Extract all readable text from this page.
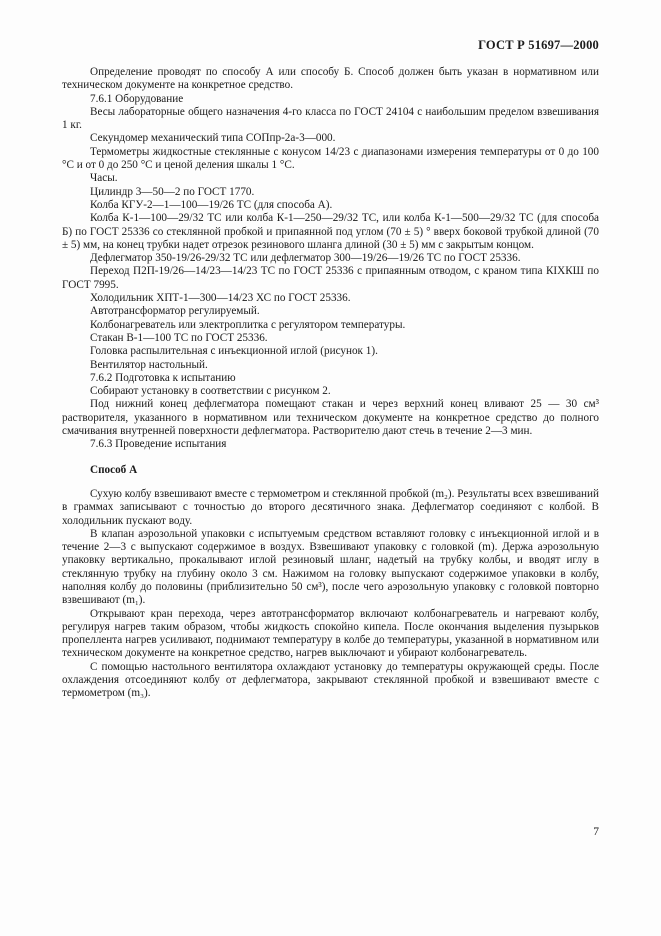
ГОСТ Р 51697—2000

Определение проводят по способу А или способу Б. Способ должен быть указан в нормативном или техническом документе на конкретное средство.

7.6.1 Оборудование

Весы лабораторные общего назначения 4-го класса по ГОСТ 24104 с наибольшим пределом взвешивания 1 кг.

Секундомер механический типа СОПпр-2а-3—000.

Термометры жидкостные стеклянные с конусом 14/23 с диапазонами измерения температуры от 0 до 100 °С и от 0 до 250 °С и ценой деления шкалы 1 °С.

Часы.

Цилиндр 3—50—2 по ГОСТ 1770.

Колба КГУ-2—1—100—19/26 ТС (для способа А).

Колба К-1—100—29/32 ТС или колба К-1—250—29/32 ТС, или колба К-1—500—29/32 ТС (для способа Б) по ГОСТ 25336 со стеклянной пробкой и припаянной под углом (70 ± 5) ° вверх боковой трубкой длиной (70 ± 5) мм, на конец трубки надет отрезок резинового шланга длиной (30 ± 5) мм с закрытым концом.

Дефлегматор 350-19/26-29/32 ТС или дефлегматор 300—19/26—19/26 ТС по ГОСТ 25336.

Переход П2П-19/26—14/23—14/23 ТС по ГОСТ 25336 с припаянным отводом, с краном типа КIХКШ по ГОСТ 7995.

Холодильник ХПТ-1—300—14/23 ХС по ГОСТ 25336.

Автотрансформатор регулируемый.

Колбонагреватель или электроплитка с регулятором температуры.

Стакан В-1—100 ТС по ГОСТ 25336.

Головка распылительная с инъекционной иглой (рисунок 1).

Вентилятор настольный.

7.6.2 Подготовка к испытанию

Собирают установку в соответствии с рисунком 2.

Под нижний конец дефлегматора помещают стакан и через верхний конец вливают 25 — 30 см³ растворителя, указанного в нормативном или техническом документе на конкретное средство до полного смачивания внутренней поверхности дефлегматора. Растворителю дают стечь в течение 2—3 мин.

7.6.3 Проведение испытания

Способ А

Сухую колбу взвешивают вместе с термометром и стеклянной пробкой (m₂). Результаты всех взвешиваний в граммах записывают с точностью до второго десятичного знака. Дефлегматор соединяют с колбой. В холодильник пускают воду.

В клапан аэрозольной упаковки с испытуемым средством вставляют головку с инъекционной иглой и в течение 2—3 с выпускают содержимое в воздух. Взвешивают упаковку с головкой (m). Держа аэрозольную упаковку вертикально, прокалывают иглой резиновый шланг, надетый на трубку колбы, и вводят иглу в стеклянную трубку на глубину около 3 см. Нажимом на головку выпускают содержимое упаковки в колбу, наполняя колбу до половины (приблизительно 50 см³), после чего аэрозольную упаковку с головкой повторно взвешивают (m₁).

Открывают кран перехода, через автотрансформатор включают колбонагреватель и нагревают колбу, регулируя нагрев таким образом, чтобы жидкость спокойно кипела. После окончания выделения пузырьков пропеллента нагрев усиливают, поднимают температуру в колбе до температуры, указанной в нормативном или техническом документе на конкретное средство, нагрев выключают и убирают колбонагреватель.

С помощью настольного вентилятора охлаждают установку до температуры окружающей среды. После охлаждения отсоединяют колбу от дефлегматора, закрывают стеклянной пробкой и взвешивают вместе с термометром (m₃).

7
